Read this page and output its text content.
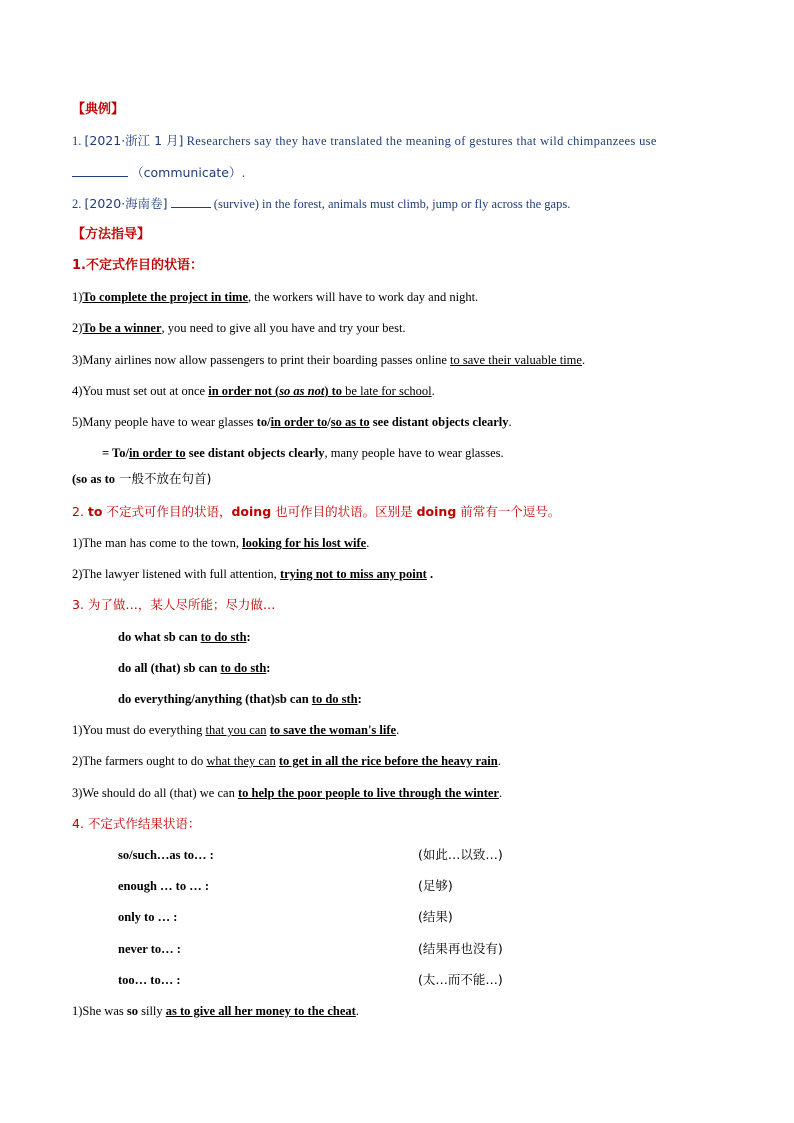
【典例】
1. [2021·浙江 1 月] Researchers say they have translated the meaning of gestures that wild chimpanzees use
（communicate）.
2. [2020·海南卷]	(survive) in the forest, animals must climb, jump or fly across the gaps.
【方法指导】
1.不定式作目的状语：
1)To complete the project in time, the workers will have to work day and night.
2)To be a winner, you need to give all you have and try your best.
3)Many airlines now allow passengers to print their boarding passes online to save their valuable time.
4)You must set out at once in order not (so as not) to be late for school.
5)Many people have to wear glasses to/in order to/so as to see distant objects clearly.
= To/in order to see distant objects clearly, many people have to wear glasses.
(so as to 一般不放在句首)
2. to 不定式可作目的状语，doing 也可作目的状语。区别是 doing 前常有一个逗号。
1)The man has come to the town, looking for his lost wife.
2)The lawyer listened with full attention, trying not to miss any point .
3. 为了做…，某人尽所能；尽力做…
do what sb can to do sth:
do all (that) sb can to do sth:
do everything/anything (that)sb can to do sth:
1)You must do everything that you can to save the woman's life.
2)The farmers ought to do what they can to get in all the rice before the heavy rain.
3)We should do all (that) we can to help the poor people to live through the winter.
4. 不定式作结果状语：
so/such…as to… :	(如此…以致…)
enough … to … :	(足够)
only to … :	(结果)
never to… :	(结果再也没有)
too… to… :	(太…而不能…)
1)She was so silly as to give all her money to the cheat.
